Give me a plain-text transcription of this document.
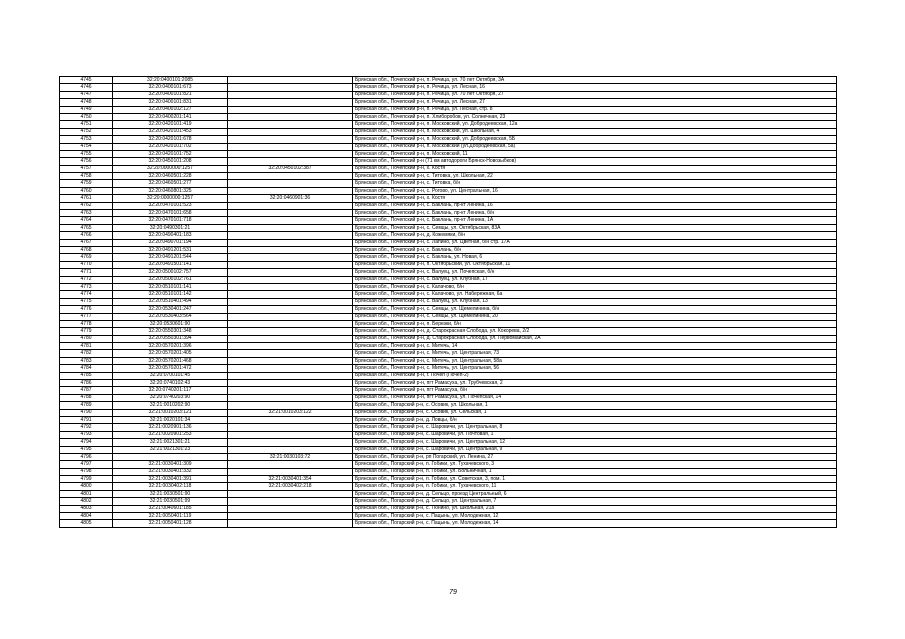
4745	32:20:0400101:2085		Брянская обл., Почепский р-н, п. Речица, ул. 70 лет Октября, 3А
4746	32:20:0400101:673		Брянская обл., Почепский р-н, п. Речица, ул. Лесная, 16
4747	32:20:0400101:821		Брянская обл., Почепский р-н, п. Речица, ул. 70 лет Октября, 27
4748	32:20:0400101:831		Брянская обл., Почепский р-н, п. Речица, ул. Лесная, 27
4749	32:20:0400102:127		Брянская обл., Почепский р-н, п. Речица, ул. Лесная, стр. 8
4750	32:20:0400201:141		Брянская обл., Почепский р-н, п. Хлиборобов, ул. Солнечная, 23
4751	32:20:0420101:419		Брянская обл., Почепский р-н, п. Московский, ул. Добродеевская, 12а
4752	32:20:0420101:453		Брянская обл., Почепский р-н, п. Московский, ул. Школьная, 4
4753	32:20:0420101:678		Брянская обл., Почепский р-н, п. Московский, ул. Добродеевская, 5Б
4754	32:20:0420101:702		Брянская обл., Почепский р-н, п. Московский (ул.Добродеевская, 5а)
4755	32:20:0420101:752		Брянская обл., Почепский р-н, п. Московский, 11
4756	32:20:0450101:208		Брянская обл., Почепский р-н (71 км автодороги Брянск-Новозыбков)
4757	32:20:0000000:1257	32:20:0450102:387	Брянская обл., Почепский р-н, х. Костя
4758	32:20:0460501:228		Брянская обл., Почепский р-н, с. Титовка, ул. Школьная, 22
4759	32:20:0460501:277		Брянская обл., Почепский р-н, с. Титовка, б/н
4760	32:20:0460801:325		Брянская обл., Почепский р-н, с. Рогово, ул. Центральная, 16
4761	32:20:0000000:1257	32:20:0460901:36	Брянская обл., Почепский р-н, х. Костя
4762	32:20:0470101:523		Брянская обл., Почепский р-н, с. Баклань, пр-кт Ленина, 16
4763	32:20:0470101:658		Брянская обл., Почепский р-н, с. Баклань, пр-кт Ленина, б/н
4764	32:20:0470101:718		Брянская обл., Почепский р-н, с. Баклань, пр-кт Ленина, 1А
4765	32:20:0490301:21		Брянская обл., Почепский р-н, с. Семцы, ул. Октябрьская, 83А
4766	32:20:0490401:183		Брянская обл., Почепский р-н, д. Кожемяки, б/н
4767	32:20:0490701:194		Брянская обл., Почепский р-н, с. Лапино, ул. Цветная, б/н стр. 17А
4768	32:20:0491201:531		Брянская обл., Почепский р-н, с. Баклань, б/н
4769	32:20:0491201:544		Брянская обл., Почепский р-н, с. Баклань, ул. Новая, 6
4770	32:20:0491501:141		Брянская обл., Почепский р-н, п. Октябрьский, ул. Октябрьская, 11
4771	32:20:0500102:757		Брянская обл., Почепский р-н, с. Валуец, ул. Почепская, б/н
4772	32:20:0500102:761		Брянская обл., Почепский р-н, с. Валуец, ул. Клубная, 17
4773	32:20:0510101:141		Брянская обл., Почепский р-н, с. Калачово, б/н
4774	32:20:0510101:142		Брянская обл., Почепский р-н, с. Калачово, ул. Набережная, 6а
4775	32:20:0510401:494		Брянская обл., Почепский р-н, с. Валуец, ул. Клубная, 13
4776	32:20:0530401:247		Брянская обл., Почепский р-н, с. Семцы, ул. Щемелинина, б/н
4777	32:20:0530403:564		Брянская обл., Почепский р-н, с. Семцы, ул. Щемелинина, 20
4778	32:20:0530601:90		Брянская обл., Почепский р-н, п. Березки, б/н
4779	32:20:0550301:348		Брянская обл., Почепский р-н, д. Старокрасная Слобода, ул. Кокорева, 2/2
4780	32:20:0550301:394		Брянская обл., Почепский р-н, д. Старокрасная Слобода, ул. Первомайская, 2А
4781	32:20:0570201:396		Брянская обл., Почепский р-н, с. Митечь, 14
4782	32:20:0570201:405		Брянская обл., Почепский р-н, с. Митечь, ул. Центральная, 73
4783	32:20:0570201:468		Брянская обл., Почепский р-н, с. Митечь, ул. Центральная, 58а
4784	32:20:0570201:472		Брянская обл., Почепский р-н, с. Митечь, ул. Центральная, 56
4785	32:20:0700101:45		Брянская обл., Почепский р-н, г. Почеп (Почеп-2)
4786	32:20:0740102:43		Брянская обл., Почепский р-н, пгт Рамасуха, ул. Трубчевская, 2
4787	32:20:0740201:117		Брянская обл., Почепский р-н, пгт Рамасуха, б/н
4788	32:20:0740203:90		Брянская обл., Почепский р-н, пгт Рамасуха, ул. Почепская, 14
4789	32:21:0010202:90		Брянская обл., Погарский р-н, с. Осовик, ул. Школьная, 1
4790	32:21:0010203:121	32:21:0010203:122	Брянская обл., Погарский р-н, с. Осовик, ул. Сельская, 1
4791	32:21:0020101:34		Брянская обл., Погарский р-н, д. Ловцы, б/н
4792	32:21:0020901:136		Брянская обл., Погарский р-н, с. Шаровичи, ул. Центральная, 8
4793	32:21:0020901:253		Брянская обл., Погарский р-н, с. Шаровичи, ул. Почтовая, 1
4794	32:21:0021301:21		Брянская обл., Погарский р-н, с. Шаровичи, ул. Центральная, 12
4795	32:21:0021301:23		Брянская обл., Погарский р-н, с. Шаровичи, ул. Центральная, 9
4796		32:21:0030103:72	Брянская обл., Погарский р-н, рп Погарский, ул. Ленина, 27
4797	32:21:0030401:309		Брянская обл., Погарский р-н, п. Гобики, ул. Тухачевского, 3
4798	32:21:0030401:332		Брянская обл., Погарский р-н, п. Гобики, ул. Больничная, 1
4799	32:21:0030401:391	32:21:0030401:354	Брянская обл., Погарский р-н, п. Гобики, ул. Советская, 3, пом. 1
4800	32:21:0030402:118	32:21:0030402:218	Брянская обл., Погарский р-н, п. Гобики, ул. Тухачевского, 11
4801	32:21:0030501:90		Брянская обл., Погарский р-н, д. Сельцо, проезд Центральный, 6
4802	32:21:0030501:99		Брянская обл., Погарский р-н, д. Сельцо, ул. Центральная, 7
4803	32:21:0040601:185		Брянская обл., Погарский р-н, с. Тюнино, ул. Школьная, 21а
4804	32:21:0050401:119		Брянская обл., Погарский р-н, с. Пацынь, ул. Молодежная, 12
4805	32:21:0050401:128		Брянская обл., Погарский р-н, с. Пацынь, ул. Молодежная, 14
79
